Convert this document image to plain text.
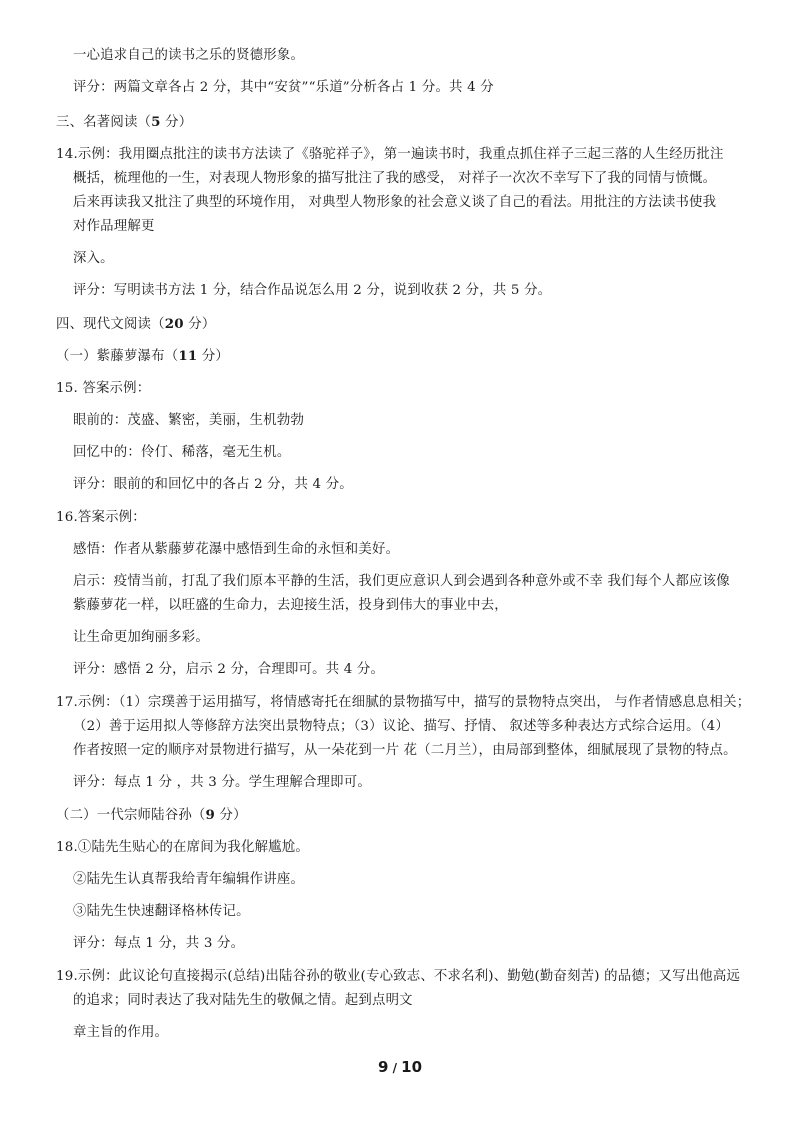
一心追求自己的读书之乐的贤德形象。
评分：两篇文章各占 2 分，其中“安贫”“乐道”分析各占 1 分。共 4 分
三、名著阅读（5 分）
14.示例：我用圈点批注的读书方法读了《骆驼祥子》，第一遍读书时，我重点抓住祥子三起三落的人生经历批注
概括，梳理他的一生，对表现人物形象的描写批注了我的感受， 对祥子一次次不幸写下了我的同情与愤慨。
后来再读我又批注了典型的环境作用， 对典型人物形象的社会意义谈了自己的看法。用批注的方法读书使我
对作品理解更
深入。
评分：写明读书方法 1 分，结合作品说怎么用 2 分，说到收获 2 分，共 5 分。
四、现代文阅读（20 分）
（一）紫藤萝瀑布（11 分）
15. 答案示例：
眼前的：茂盛、繁密，美丽，生机勃勃
回忆中的：伶仃、稀落，毫无生机。
评分：眼前的和回忆中的各占 2 分，共 4 分。
16.答案示例：
感悟：作者从紫藤萝花瀑中感悟到生命的永恒和美好。
启示：疫情当前，打乱了我们原本平静的生活，我们更应意识人到会遇到各种意外或不幸 我们每个人都应该像
紫藤萝花一样，以旺盛的生命力，去迎接生活，投身到伟大的事业中去，
让生命更加绚丽多彩。
评分：感悟 2 分，启示 2 分，合理即可。共 4 分。
17.示例：（1）宗璞善于运用描写，将情感寄托在细腻的景物描写中，描写的景物特点突出， 与作者情感息息相关；
（2）善于运用拟人等修辞方法突出景物特点；（3）议论、描写、抒情、 叙述等多种表达方式综合运用。（4）
作者按照一定的顺序对景物进行描写，从一朵花到一片 花（二月兰），由局部到整体，细腻展现了景物的特点。
评分：每点 1 分 ，共 3 分。学生理解合理即可。
（二）一代宗师陆谷孙（9 分）
18.①陆先生贴心的在席间为我化解尴尬。
②陆先生认真帮我给青年编辑作讲座。
③陆先生快速翻译格林传记。
评分：每点 1 分，共 3 分。
19.示例：此议论句直接揭示(总结)出陆谷孙的敬业(专心致志、不求名利)、勤勉(勤奋刻苦) 的品德；又写出他高远
的追求；同时表达了我对陆先生的敬佩之情。起到点明文
章主旨的作用。
9 / 10
